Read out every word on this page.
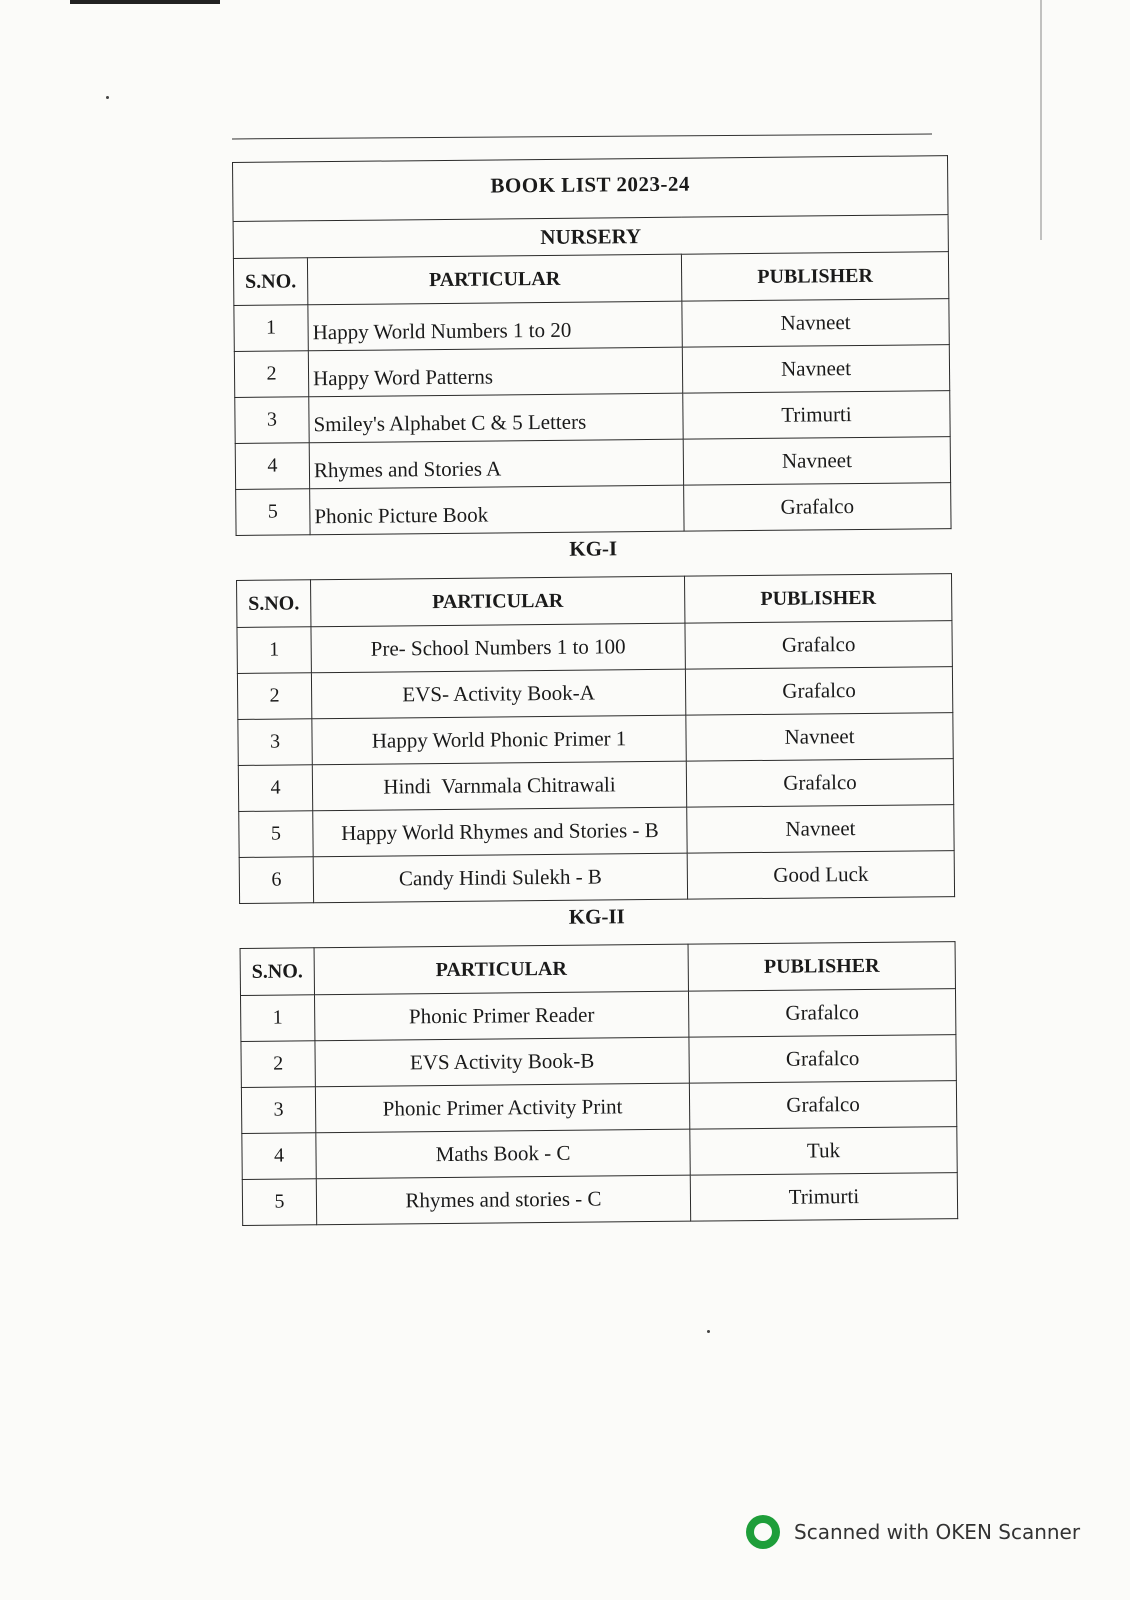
BOOK LIST 2023-24		
NURSERY		
S.NO.	PARTICULAR	PUBLISHER
1	Happy World Numbers 1 to 20	Navneet
2	Happy Word Patterns	Navneet
3	Smiley's Alphabet C & 5 Letters	Trimurti
4	Rhymes and Stories A	Navneet
5	Phonic Picture Book	Grafalco
KG-I
S.NO.	PARTICULAR	PUBLISHER
1	Pre- School Numbers 1 to 100	Grafalco
2	EVS- Activity Book-A	Grafalco
3	Happy World Phonic Primer 1	Navneet
4	Hindi  Varnmala Chitrawali	Grafalco
5	Happy World Rhymes and Stories - B	Navneet
6	Candy Hindi Sulekh - B	Good Luck
KG-II
S.NO.	PARTICULAR	PUBLISHER
1	Phonic Primer Reader	Grafalco
2	EVS Activity Book-B	Grafalco
3	Phonic Primer Activity Print	Grafalco
4	Maths Book - C	Tuk
5	Rhymes and stories - C	Trimurti
Scanned with OKEN Scanner
